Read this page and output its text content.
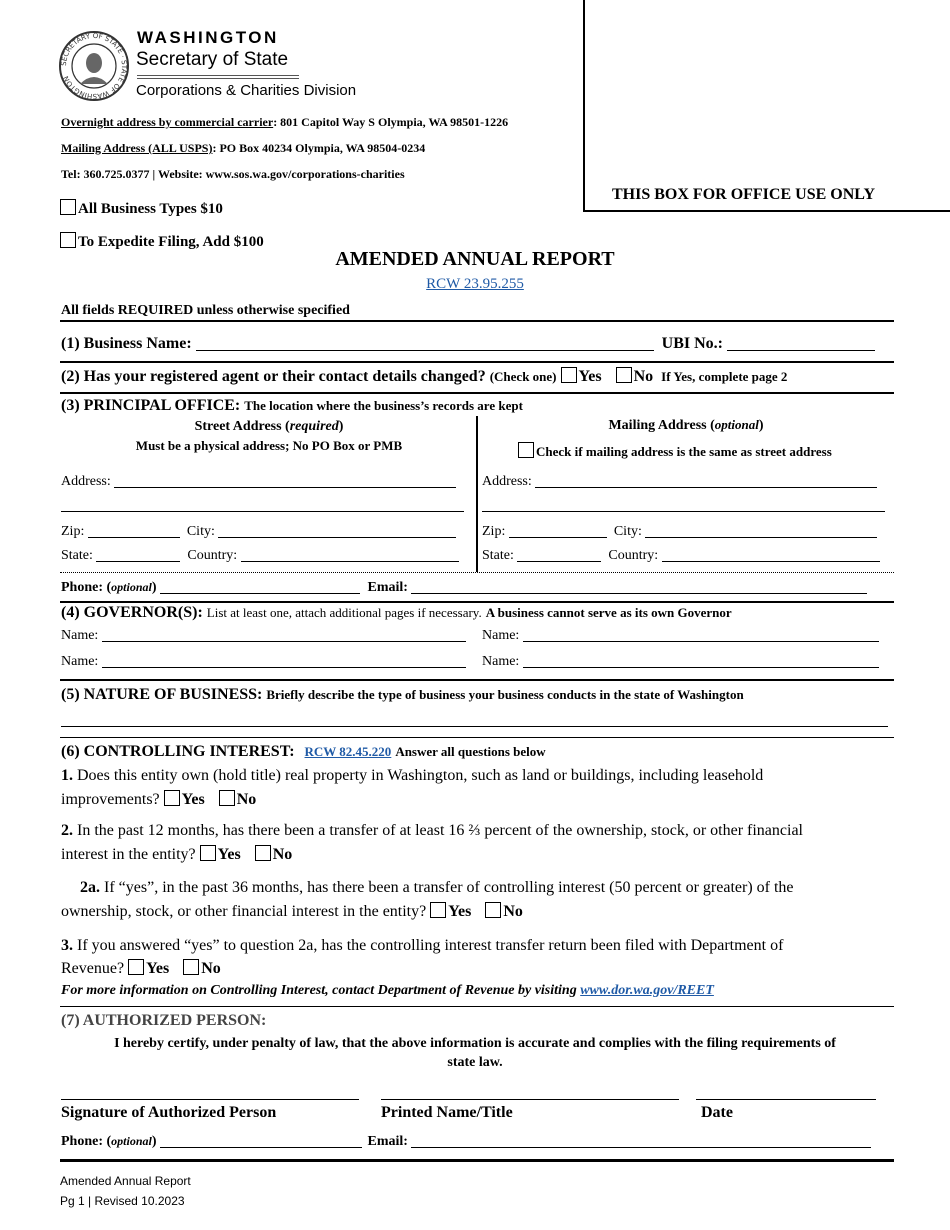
SECRETARY OF STATE · STATE OF WASHINGTON
WASHINGTON
Secretary of State
Corporations & Charities Division
Overnight address by commercial carrier: 801 Capitol Way S Olympia, WA 98501-1226
Mailing Address (ALL USPS): PO Box 40234 Olympia, WA 98504-0234
Tel: 360.725.0377 | Website: www.sos.wa.gov/corporations-charities
THIS BOX FOR OFFICE USE ONLY
All Business Types $10
To Expedite Filing, Add $100
AMENDED ANNUAL REPORT
RCW 23.95.255
All fields REQUIRED unless otherwise specified
(1) Business Name:	UBI No.:
(2) Has your registered agent or their contact details changed? (Check one) Yes No If Yes, complete page 2
(3) PRINCIPAL OFFICE: The location where the business’s records are kept
Street Address (required)
Must be a physical address; No PO Box or PMB
Mailing Address (optional)
Check if mailing address is the same as street address
Address:
Zip:	City:
State:	Country:
Address:
Zip:	City:
State:	Country:
Phone: (optional)	Email:
(4) GOVERNOR(S): List at least one, attach additional pages if necessary. A business cannot serve as its own Governor
Name:	Name:
Name:	Name:
(5) NATURE OF BUSINESS: Briefly describe the type of business your business conducts in the state of Washington
(6) CONTROLLING INTEREST: RCW 82.45.220 Answer all questions below
1. Does this entity own (hold title) real property in Washington, such as land or buildings, including leasehold
improvements? Yes No
2. In the past 12 months, has there been a transfer of at least 16 ⅔ percent of the ownership, stock, or other financial
interest in the entity? Yes No
2a. If “yes”, in the past 36 months, has there been a transfer of controlling interest (50 percent or greater) of the
ownership, stock, or other financial interest in the entity? Yes No
3. If you answered “yes” to question 2a, has the controlling interest transfer return been filed with Department of
Revenue? Yes No
For more information on Controlling Interest, contact Department of Revenue by visiting www.dor.wa.gov/REET
(7) AUTHORIZED PERSON:
I hereby certify, under penalty of law, that the above information is accurate and complies with the filing requirements of
state law.
Signature of Authorized Person	Printed Name/Title	Date
Phone: (optional)	Email:
Amended Annual Report
Pg 1 | Revised 10.2023
